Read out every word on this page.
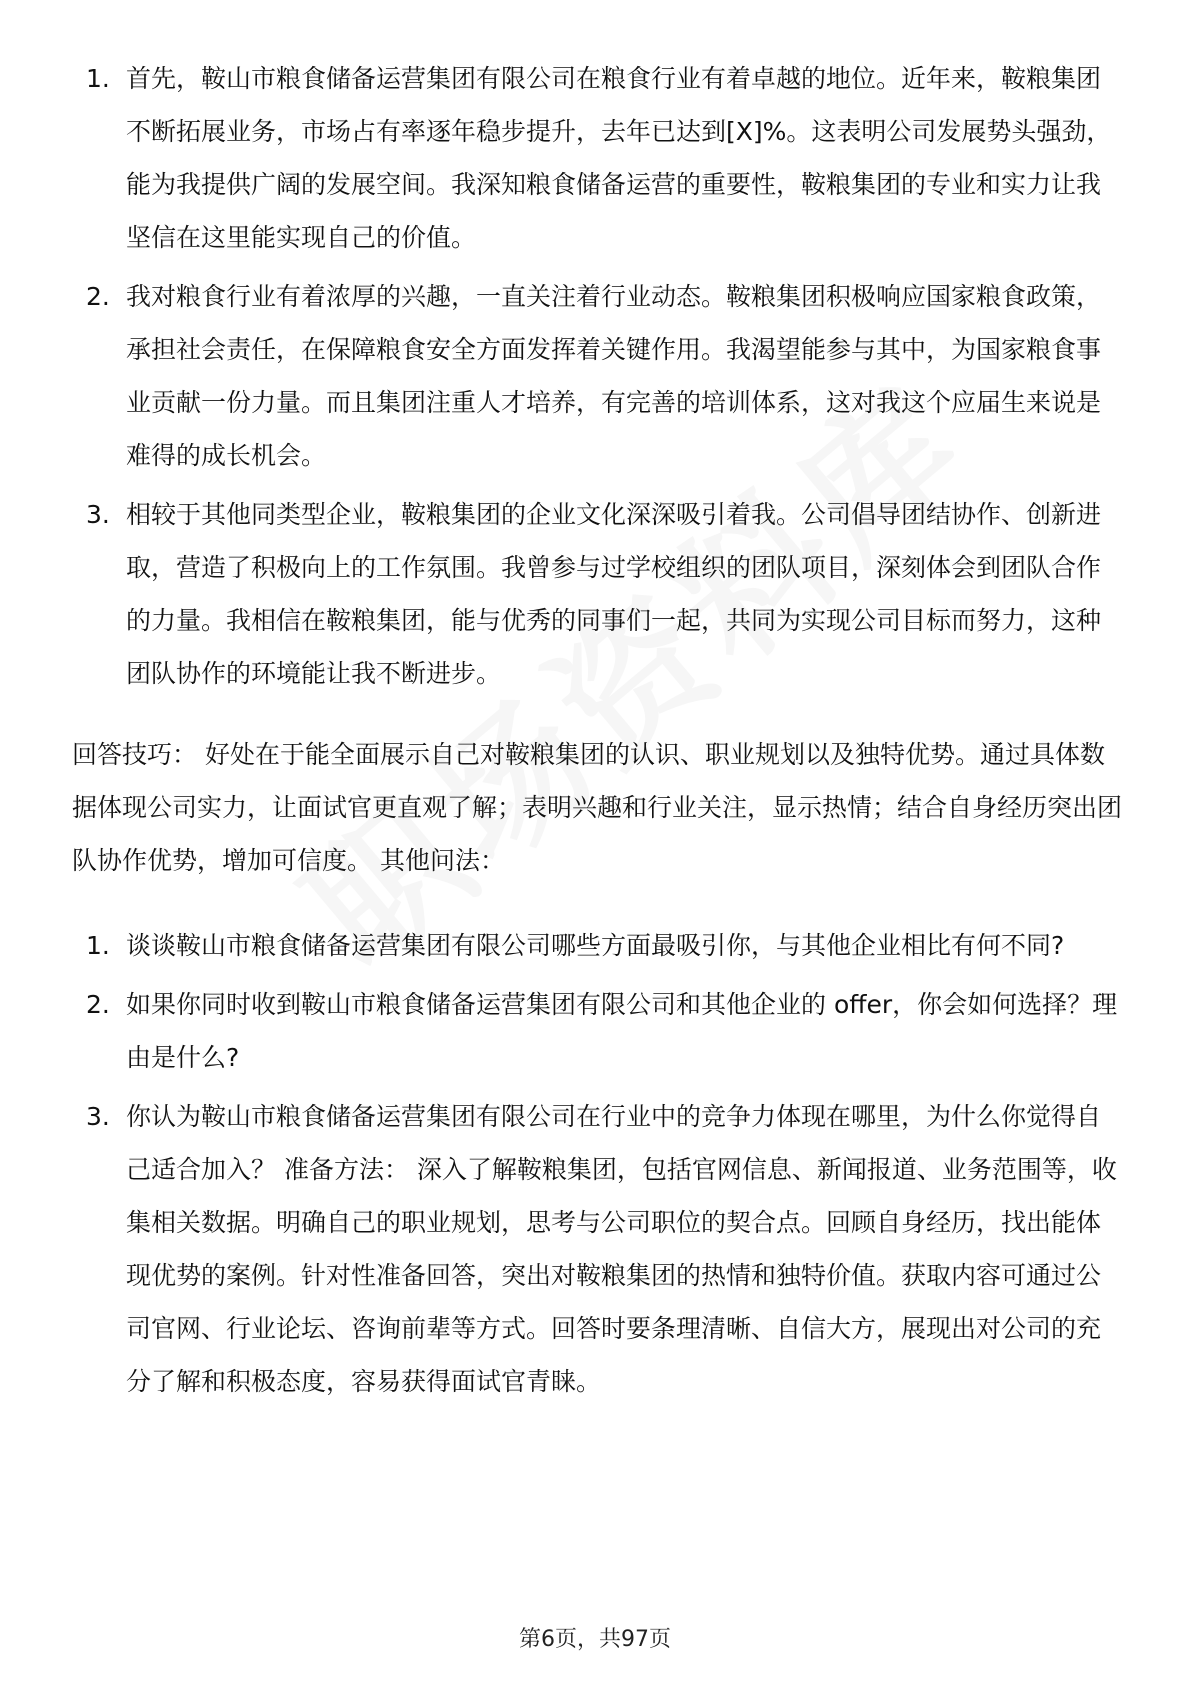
1. 首先，鞍山市粮食储备运营集团有限公司在粮食行业有着卓越的地位。近年来，鞍粮集团不断拓展业务，市场占有率逐年稳步提升，去年已达到[X]%。这表明公司发展势头强劲，能为我提供广阔的发展空间。我深知粮食储备运营的重要性，鞍粮集团的专业和实力让我坚信在这里能实现自己的价值。
2. 我对粮食行业有着浓厚的兴趣，一直关注着行业动态。鞍粮集团积极响应国家粮食政策，承担社会责任，在保障粮食安全方面发挥着关键作用。我渴望能参与其中，为国家粮食事业贡献一份力量。而且集团注重人才培养，有完善的培训体系，这对我这个应届生来说是难得的成长机会。
3. 相较于其他同类型企业，鞍粮集团的企业文化深深吸引着我。公司倡导团结协作、创新进取，营造了积极向上的工作氛围。我曾参与过学校组织的团队项目，深刻体会到团队合作的力量。我相信在鞍粮集团，能与优秀的同事们一起，共同为实现公司目标而努力，这种团队协作的环境能让我不断进步。
回答技巧： 好处在于能全面展示自己对鞍粮集团的认识、职业规划以及独特优势。通过具体数据体现公司实力，让面试官更直观了解；表明兴趣和行业关注，显示热情；结合自身经历突出团队协作优势，增加可信度。 其他问法：
1. 谈谈鞍山市粮食储备运营集团有限公司哪些方面最吸引你，与其他企业相比有何不同?
2. 如果你同时收到鞍山市粮食储备运营集团有限公司和其他企业的 offer，你会如何选择？理由是什么?
3. 你认为鞍山市粮食储备运营集团有限公司在行业中的竞争力体现在哪里，为什么你觉得自己适合加入？ 准备方法： 深入了解鞍粮集团，包括官网信息、新闻报道、业务范围等，收集相关数据。明确自己的职业规划，思考与公司职位的契合点。回顾自身经历，找出能体现优势的案例。针对性准备回答，突出对鞍粮集团的热情和独特价值。获取内容可通过公司官网、行业论坛、咨询前辈等方式。回答时要条理清晰、自信大方，展现出对公司的充分了解和积极态度，容易获得面试官青睐。
第6页，共97页
